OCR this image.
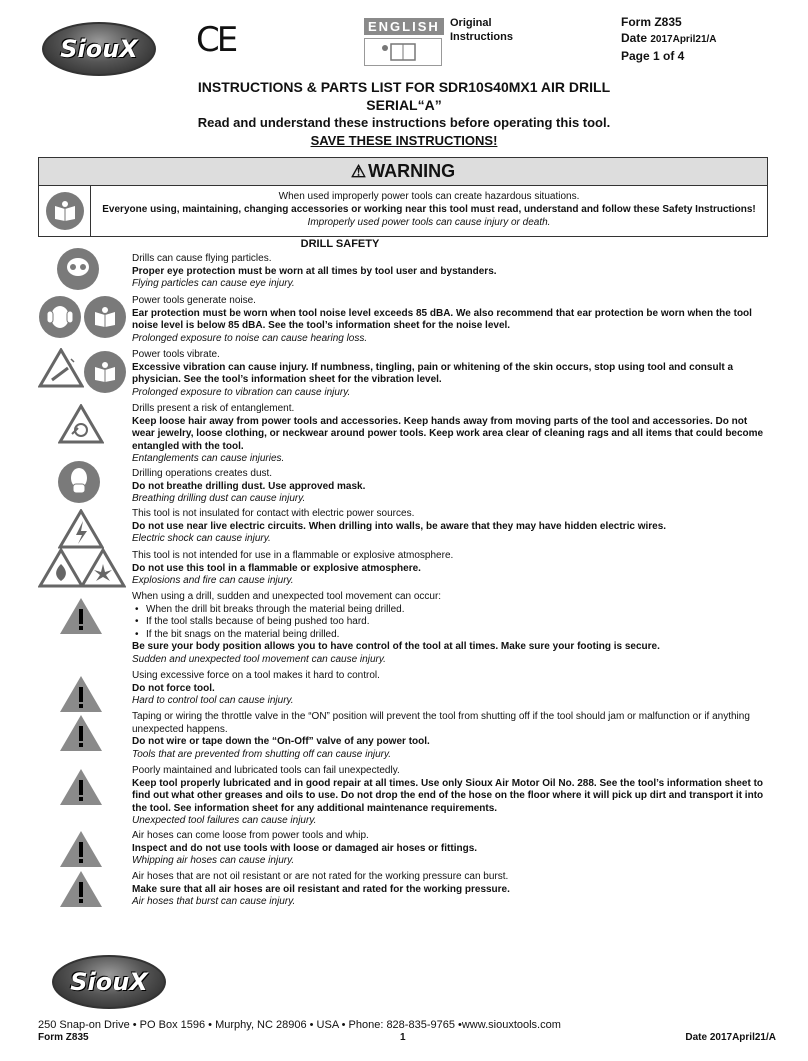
SiouX CE	ENGLISH Original
Instructions
Form Z835
Date 2017April21/A
Page 1 of 4
INSTRUCTIONS & PARTS LIST FOR SDR10S40MX1 AIR DRILL
SERIAL“A”
Read and understand these instructions before operating this tool.
SAVE THESE INSTRUCTIONS!
⚠ WARNING
When used improperly power tools can create hazardous situations.
Everyone using, maintaining, changing accessories or working near this tool must read, understand and follow these Safety Instructions!
Improperly used power tools can cause injury or death.
DRILL SAFETY
Drills can cause flying particles.
Proper eye protection must be worn at all times by tool user and bystanders.
Flying particles can cause eye injury.
Power tools generate noise.
Ear protection must be worn when tool noise level exceeds 85 dBA. We also recommend that ear protection be worn when the tool noise level is below 85 dBA. See the tool’s information sheet for the noise level.
Prolonged exposure to noise can cause hearing loss.
Power tools vibrate.
Excessive vibration can cause injury. If numbness, tingling, pain or whitening of the skin occurs, stop using tool and consult a physician. See the tool’s information sheet for the vibration level.
Prolonged exposure to vibration can cause injury.
Drills present a risk of entanglement.
Keep loose hair away from power tools and accessories. Keep hands away from moving parts of the tool and accessories. Do not wear jewelry, loose clothing, or neckwear around power tools. Keep work area clear of cleaning rags and all items that could become entangled with the tool.
Entanglements can cause injuries.
Drilling operations creates dust.
Do not breathe drilling dust. Use approved mask.
Breathing drilling dust can cause injury.
This tool is not insulated for contact with electric power sources.
Do not use near live electric circuits. When drilling into walls, be aware that they may have hidden electric wires.
Electric shock can cause injury.
This tool is not intended for use in a flammable or explosive atmosphere.
Do not use this tool in a flammable or explosive atmosphere.
Explosions and fire can cause injury.
When using a drill, sudden and unexpected tool movement can occur:
• When the drill bit breaks through the material being drilled.
• If the tool stalls because of being pushed too hard.
• If the bit snags on the material being drilled.
Be sure your body position allows you to have control of the tool at all times. Make sure your footing is secure.
Sudden and unexpected tool movement can cause injury.
Using excessive force on a tool makes it hard to control.
Do not force tool.
Hard to control tool can cause injury.
Taping or wiring the throttle valve in the “ON” position will prevent the tool from shutting off if the tool should jam or malfunction or if anything unexpected happens.
Do not wire or tape down the “On-Off” valve of any power tool.
Tools that are prevented from shutting off can cause injury.
Poorly maintained and lubricated tools can fail unexpectedly.
Keep tool properly lubricated and in good repair at all times. Use only Sioux Air Motor Oil No. 288. See the tool’s information sheet to find out what other greases and oils to use. Do not drop the end of the hose on the floor where it will pick up dirt and transport it into the tool. See information sheet for any additional maintenance requirements.
Unexpected tool failures can cause injury.
Air hoses can come loose from power tools and whip.
Inspect and do not use tools with loose or damaged air hoses or fittings.
Whipping air hoses can cause injury.
Air hoses that are not oil resistant or are not rated for the working pressure can burst.
Make sure that all air hoses are oil resistant and rated for the working pressure.
Air hoses that burst can cause injury.
SiouX
250 Snap-on Drive • PO Box 1596 • Murphy, NC 28906 • USA • Phone: 828-835-9765 •www.siouxtools.com
Form Z835	1	Date 2017April21/A
